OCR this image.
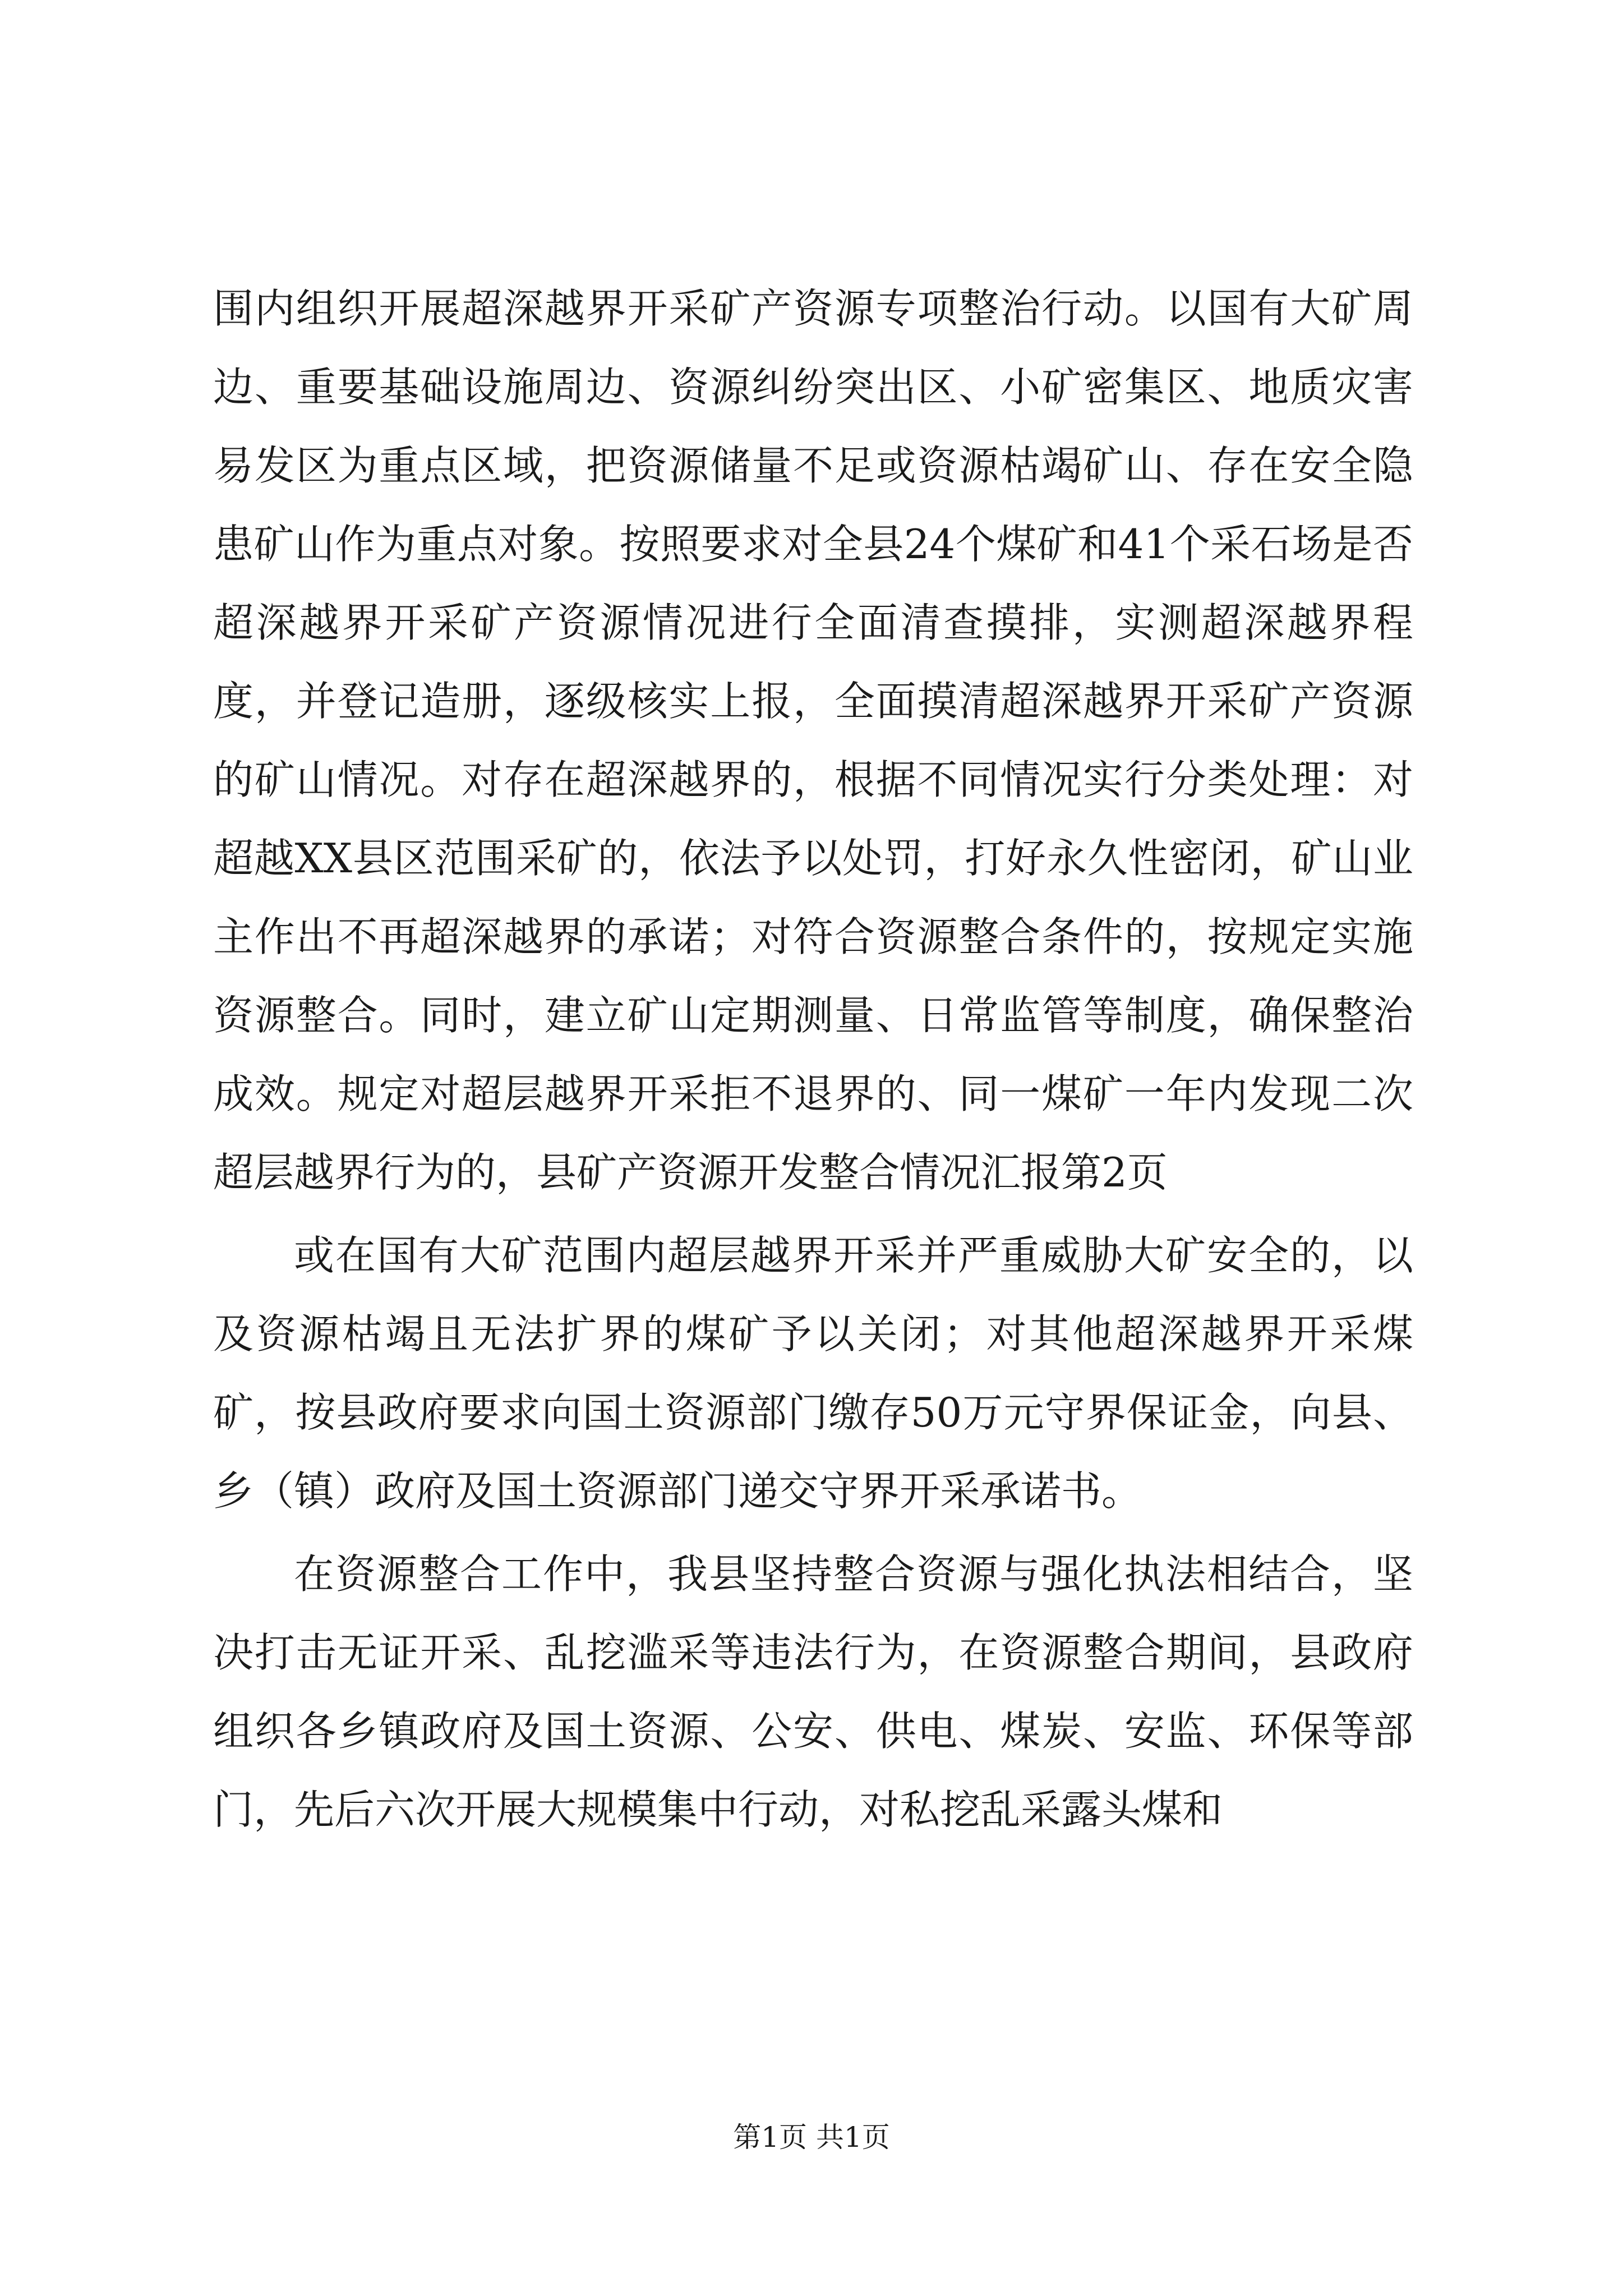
围内组织开展超深越界开采矿产资源专项整治行动。以国有大矿周边、重要基础设施周边、资源纠纷突出区、小矿密集区、地质灾害易发区为重点区域，把资源储量不足或资源枯竭矿山、存在安全隐患矿山作为重点对象。按照要求对全县24个煤矿和41个采石场是否超深越界开采矿产资源情况进行全面清查摸排，实测超深越界程度，并登记造册，逐级核实上报，全面摸清超深越界开采矿产资源的矿山情况。对存在超深越界的，根据不同情况实行分类处理：对超越XX县区范围采矿的，依法予以处罚，打好永久性密闭，矿山业主作出不再超深越界的承诺；对符合资源整合条件的，按规定实施资源整合。同时，建立矿山定期测量、日常监管等制度，确保整治成效。规定对超层越界开采拒不退界的、同一煤矿一年内发现二次超层越界行为的，县矿产资源开发整合情况汇报第2页

或在国有大矿范围内超层越界开采并严重威胁大矿安全的，以及资源枯竭且无法扩界的煤矿予以关闭；对其他超深越界开采煤矿，按县政府要求向国土资源部门缴存50万元守界保证金，向县、乡（镇）政府及国土资源部门递交守界开采承诺书。

在资源整合工作中，我县坚持整合资源与强化执法相结合，坚决打击无证开采、乱挖滥采等违法行为，在资源整合期间，县政府组织各乡镇政府及国土资源、公安、供电、煤炭、安监、环保等部门，先后六次开展大规模集中行动，对私挖乱采露头煤和

第1页 共1页
